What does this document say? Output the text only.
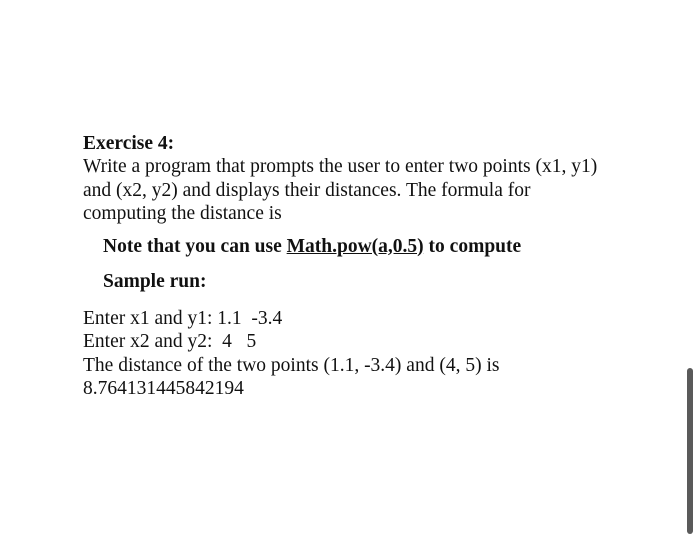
Exercise 4:

Write a program that prompts the user to enter two points (x1, y1) and (x2, y2) and displays their distances. The formula for computing the distance is

Note that you can use Math.pow(a,0.5) to compute

Sample run:

Enter x1 and y1: 1.1  -3.4
Enter x2 and y2:  4   5
The distance of the two points (1.1, -3.4) and (4, 5) is
8.764131445842194
